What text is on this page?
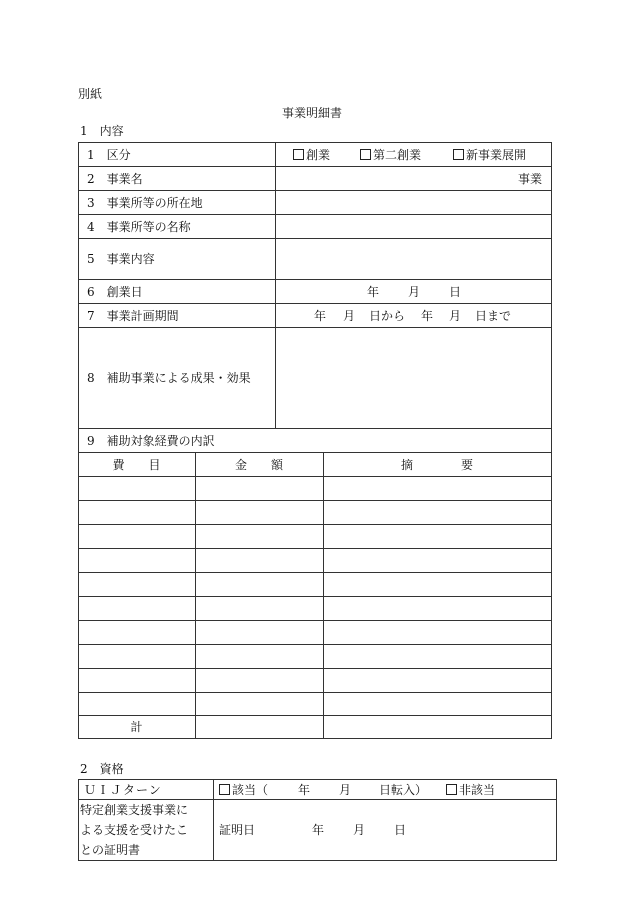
別紙
事業明細書
1　内容
1　区分	創業	第二創業	新事業展開
2　事業名	事業
3　事業所等の所在地
4　事業所等の名称
5　事業内容
6　創業日	年 月 日
7　事業計画期間	年 月 日から 年 月 日まで
8　補助事業による成果・効果
9　補助対象経費の内訳
費　　目	金　　額	摘　　　　要
計
2　資格
ＵＩＪターン	該当（ 年 月 日転入）	非該当
特定創業支援事業に
よる支援を受けたこ
との証明書
証明日	年 月 日
